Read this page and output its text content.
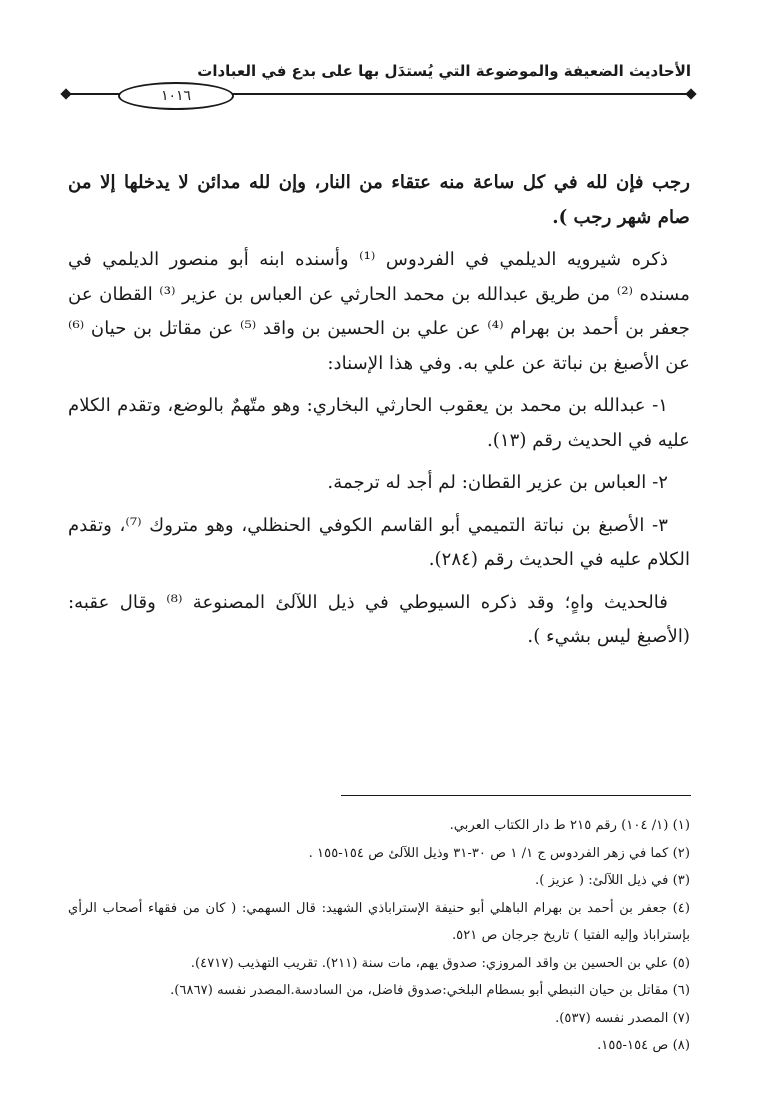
الأحاديث الضعيفة والموضوعة التي يُستدَل بها على بدع في العبادات
١٠١٦

رجب فإن لله في كل ساعة منه عتقاء من النار، وإن لله مدائن لا يدخلها إلا من صام شهر رجب ).

ذكره شيرويه الديلمي في الفردوس ⁽¹⁾ وأسنده ابنه أبو منصور الديلمي في مسنده ⁽²⁾ من طريق عبدالله بن محمد الحارثي عن العباس بن عزير ⁽³⁾ القطان عن جعفر بن أحمد بن بهرام ⁽⁴⁾ عن علي بن الحسين بن واقد ⁽⁵⁾ عن مقاتل بن حيان ⁽⁶⁾ عن الأصبغ بن نباتة عن علي به. وفي هذا الإسناد:

١- عبدالله بن محمد بن يعقوب الحارثي البخاري: وهو متّهمٌ بالوضع، وتقدم الكلام عليه في الحديث رقم (١٣).

٢- العباس بن عزير القطان: لم أجد له ترجمة.

٣- الأصبغ بن نباتة التميمي أبو القاسم الكوفي الحنظلي، وهو متروك ⁽⁷⁾، وتقدم الكلام عليه في الحديث رقم (٢٨٤).

فالحديث واهٍ؛ وقد ذكره السيوطي في ذيل اللآلئ المصنوعة ⁽⁸⁾ وقال عقبه: (الأصبغ ليس بشيء ).

(١) (١/ ١٠٤) رقم ٢١٥ ط دار الكتاب العربي.

(٢) كما في زهر الفردوس ج ١/ ١ ص ٣٠-٣١ وذيل اللآلئ ص ١٥٤-١٥٥ .

(٣) في ذيل اللآلئ: ( عزيز ).

(٤) جعفر بن أحمد بن بهرام الباهلي أبو حنيفة الإستراباذي الشهيد: قال السهمي: ( كان من فقهاء أصحاب الرأي بإستراباذ وإليه الفتيا ) تاريخ جرجان ص ٥٢١.

(٥) علي بن الحسين بن واقد المروزي: صدوق يهم، مات سنة (٢١١). تقريب التهذيب (٤٧١٧).

(٦) مقاتل بن حيان النبطي أبو بسطام البلخي:صدوق فاضل، من السادسة.المصدر نفسه (٦٨٦٧).

(٧) المصدر نفسه (٥٣٧).

(٨) ص ١٥٤-١٥٥.
